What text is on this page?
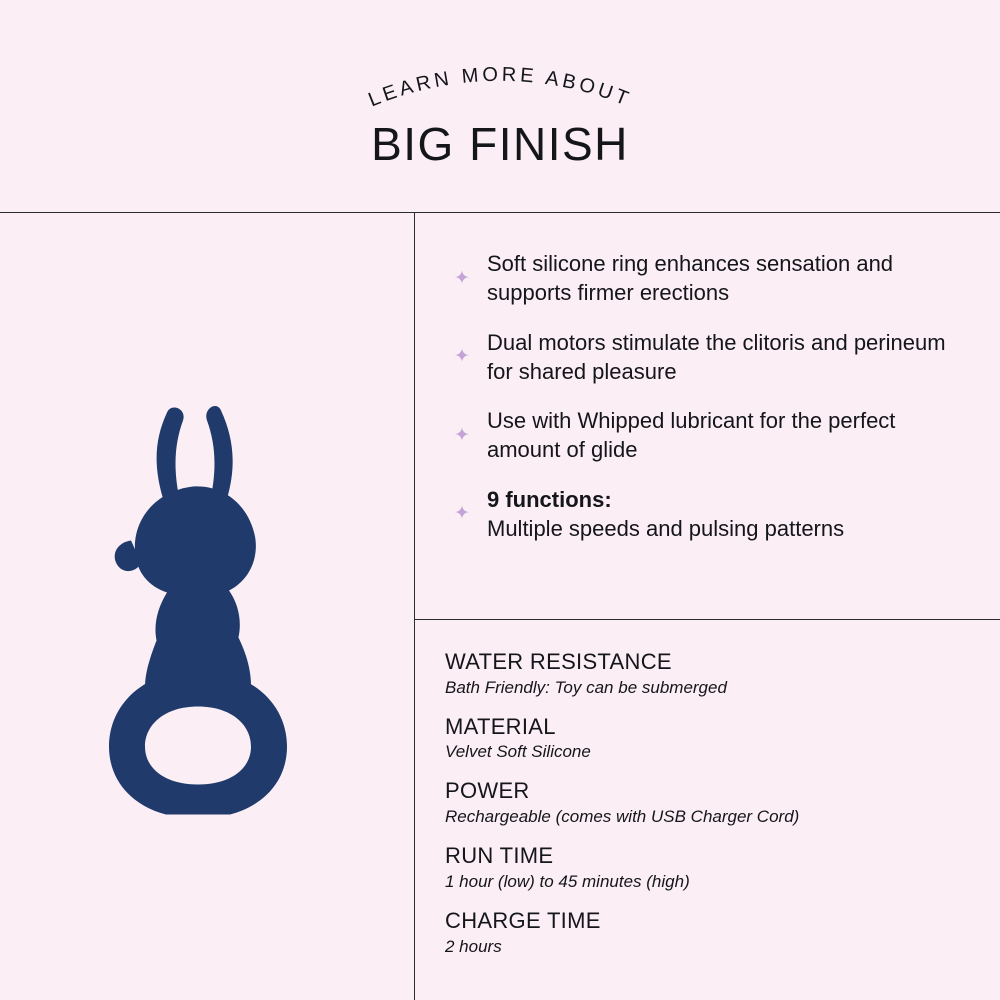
LEARN MORE ABOUT
BIG FINISH
✦
Soft silicone ring enhances sensation and supports firmer erections
✦
Dual motors stimulate the clitoris and perineum for shared pleasure
✦
Use with Whipped lubricant for the perfect amount of glide
✦
9 functions:
Multiple speeds and pulsing patterns
WATER RESISTANCE
Bath Friendly: Toy can be submerged
MATERIAL
Velvet Soft Silicone
POWER
Rechargeable (comes with USB Charger Cord)
RUN TIME
1 hour (low) to 45 minutes (high)
CHARGE TIME
2 hours
